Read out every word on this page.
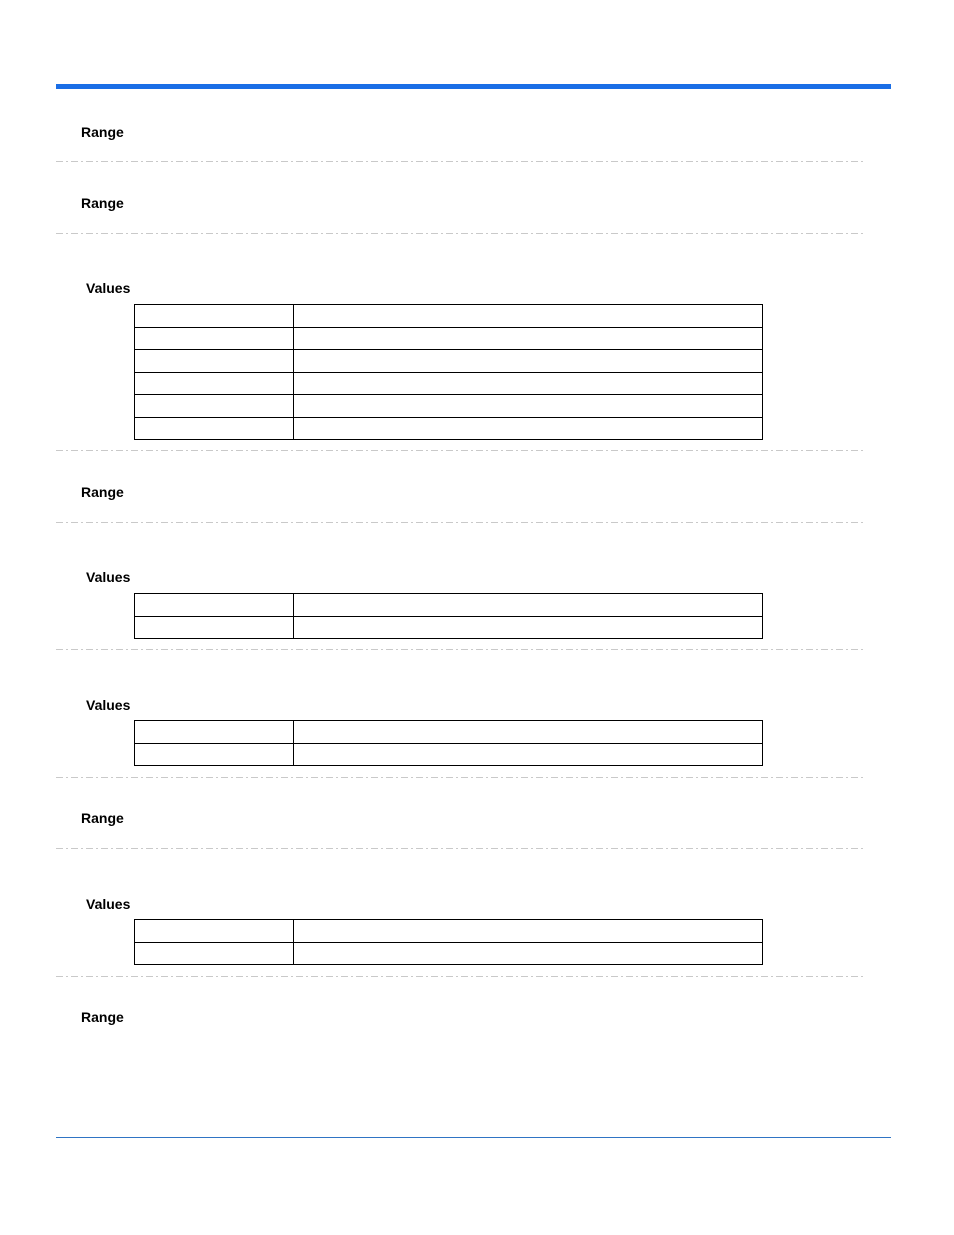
Range
Range
Values

Range
Values

Values

Range
Values

Range
